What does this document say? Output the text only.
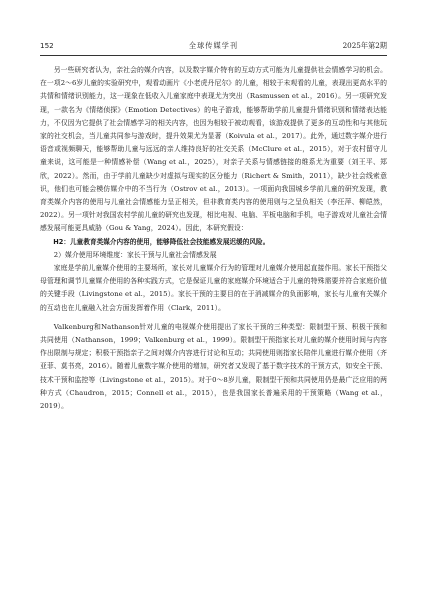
152	全球传媒学刊	2025年第2期

另一些研究者认为，亲社会的媒介内容，以及数字媒介特有的互动方式可能为儿童提供社会情感学习的机会。在一项2～6岁儿童的实验研究中，观看动画片《小老虎丹尼尔》的儿童，相较于未观看的儿童，表现出更高水平的共情和情绪识别能力，这一现象在低收入儿童家庭中表现尤为突出（Rasmussen et al.，2016）。另一项研究发现，一款名为《情绪侦探》（Emotion Detectives）的电子游戏，能够帮助学前儿童提升情绪识别和情绪表达能力，不仅因为它提供了社会情感学习的相关内容，也因为相较于被动观看，该游戏提供了更多的互动性和与其他玩家的社交机会，当儿童共同参与游戏时，提升效果尤为显著（Koivula et al.，2017）。此外，通过数字媒介进行语音或视频聊天，能够帮助儿童与远远的亲人维持良好的社交关系（McClure et al.，2015），对于农村留守儿童来说，这可能是一种情感补偿（Wang et al.，2025），对亲子关系与情感链接的维系尤为重要（刘王平、郑欣，2022）。然而，由于学前儿童缺少对虚拟与现实的区分能力（Richert & Smith，2011），缺少社会线索意识，他们也可能会模仿媒介中的不当行为（Ostrov et al.，2013）。一项面向我国城乡学前儿童的研究发现，教育类媒介内容的使用与儿童社会情感能力呈正相关，但非教育类内容的使用则与之呈负相关（李汪萍、柳皑然，2022）。另一项针对我国农村学前儿童的研究也发现，相比电视、电脑、平板电脑和手机，电子游戏对儿童社会情感发展可能更具威胁（Gou & Yang，2024）。因此，本研究假设：

H2：儿童教育类媒介内容的使用，能够降低社会技能感发展迟缓的风险。

2）媒介使用环境维度：家长干预与儿童社会情感发展

家庭是学前儿童媒介使用的主要场所，家长对儿童媒介行为的管理对儿童媒介使用起直接作用。家长干预指父母管理和调节儿童媒介使用的各种实践方式，它是保证儿童的家庭媒介环境适合于儿童的特殊需要并符合家庭价值的关键手段（Livingstone et al.，2015）。家长干预的主要目的在于消减媒介的负面影响，家长与儿童有关媒介的互动也在儿童融入社会方面发挥着作用（Clark，2011）。

Valkenburg和Nathanson针对儿童的电视媒介使用提出了家长干预的三种类型：限制型干预、积极干预和共同使用（Nathanson，1999；Valkenburg et al.，1999）。限制型干预指家长对儿童的媒介使用时间与内容作出限制与规定；积极干预指亲子之间对媒介内容进行讨论和互动；共同使用则指家长陪伴儿童进行媒介使用（齐亚菲、莫书亮，2016）。随着儿童数字媒介使用的增加，研究者又发现了基于数字技术的干预方式，如安全干预、技术干预和监控等（Livingstone et al.，2015）。对于0～8岁儿童，限制型干预和共同使用仍是最广泛应用的两种方式（Chaudron，2015；Connell et al.，2015），也是我国家长普遍采用的干预策略（Wang et al.，2019）。
